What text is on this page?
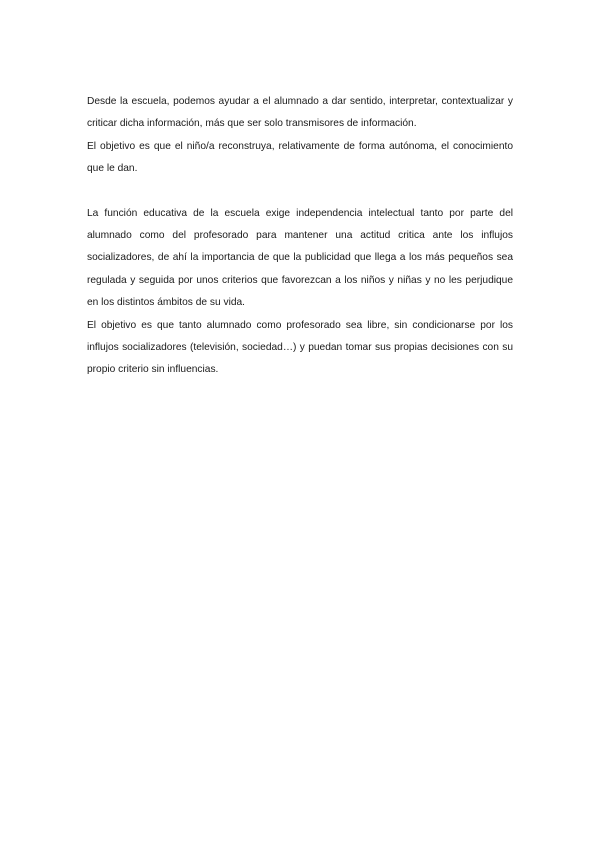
Desde la escuela, podemos ayudar a el alumnado a dar sentido, interpretar, contextualizar y criticar dicha información, más que ser solo transmisores de información.

El objetivo es que el niño/a reconstruya, relativamente de forma autónoma, el conocimiento que le dan.

La función educativa de la escuela exige independencia intelectual tanto por parte del alumnado como del profesorado para mantener una actitud critica ante los influjos socializadores, de ahí la importancia de que la publicidad que llega a los más pequeños sea regulada y seguida por unos criterios que favorezcan a los niños y niñas y no les perjudique en los distintos ámbitos de su vida.

El objetivo es que tanto alumnado como profesorado sea libre, sin condicionarse por los influjos socializadores (televisión, sociedad…) y puedan tomar sus propias decisiones con su propio criterio sin influencias.
